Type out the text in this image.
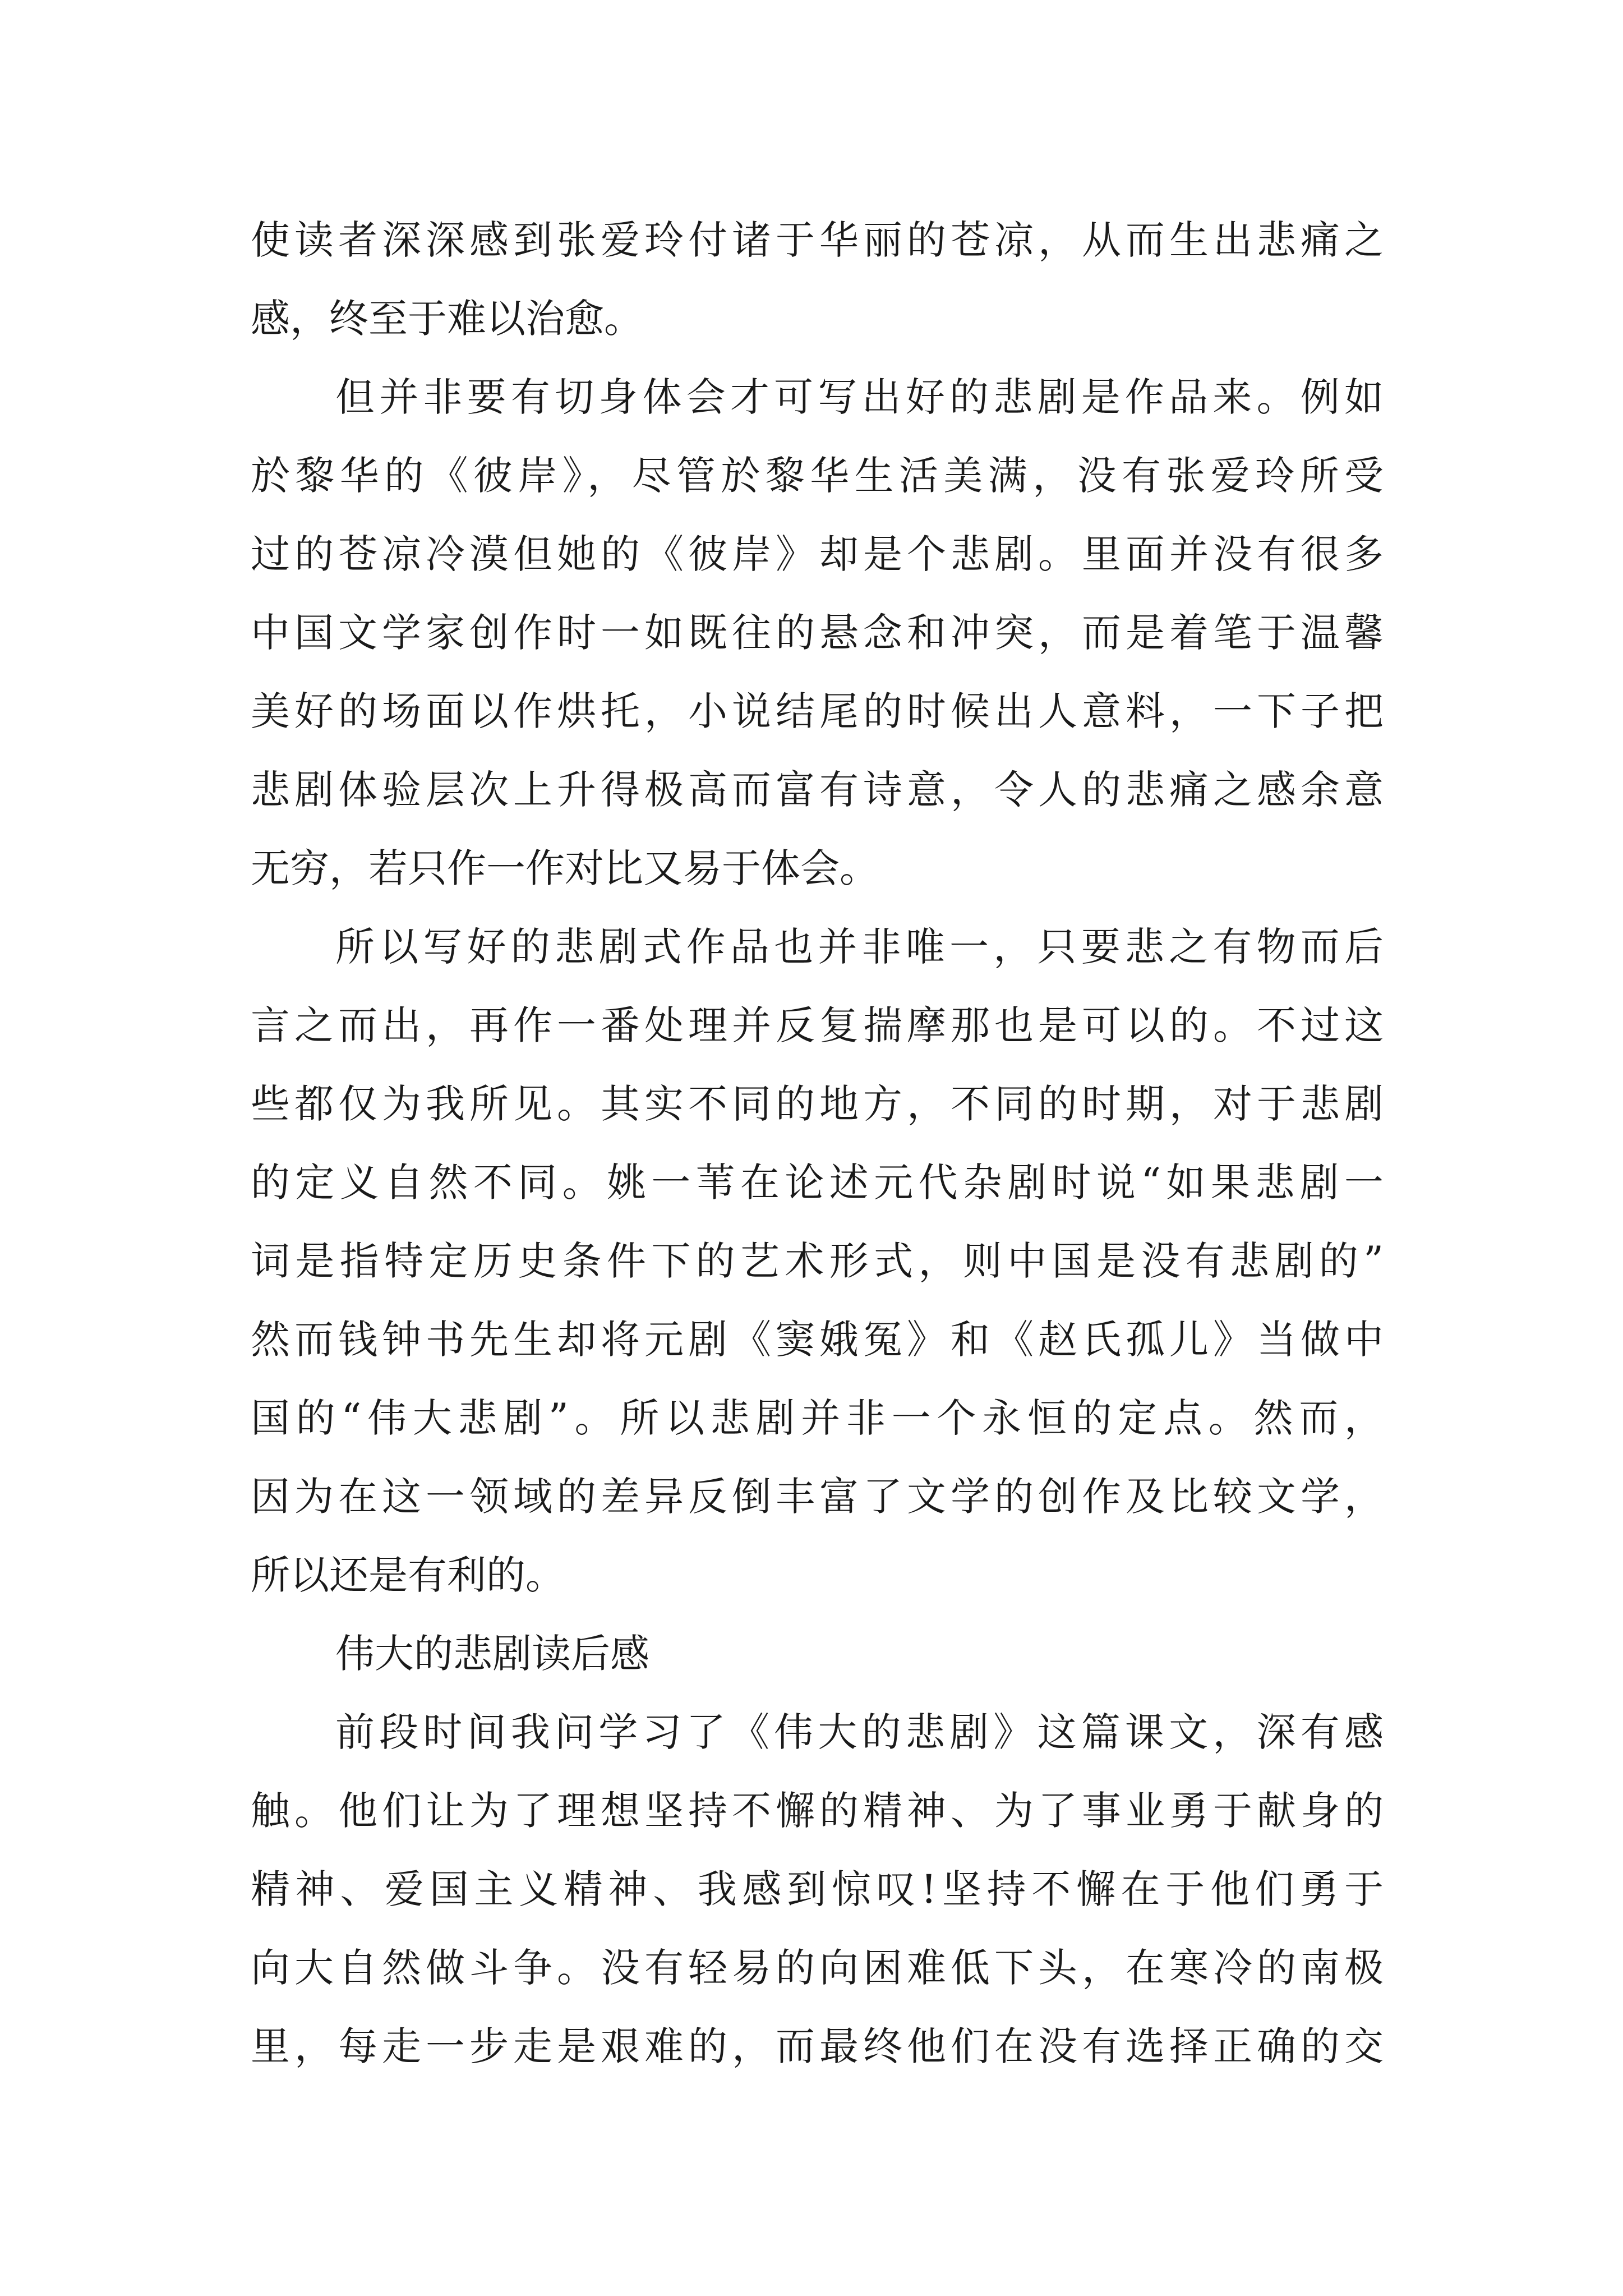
使读者深深感到张爱玲付诸于华丽的苍凉，从而生出悲痛之
感，终至于难以治愈。
但并非要有切身体会才可写出好的悲剧是作品来。例如
於黎华的《彼岸》，尽管於黎华生活美满，没有张爱玲所受
过的苍凉冷漠但她的《彼岸》却是个悲剧。里面并没有很多
中国文学家创作时一如既往的悬念和冲突，而是着笔于温馨
美好的场面以作烘托，小说结尾的时候出人意料，一下子把
悲剧体验层次上升得极高而富有诗意，令人的悲痛之感余意
无穷，若只作一作对比又易于体会。
所以写好的悲剧式作品也并非唯一，只要悲之有物而后
言之而出，再作一番处理并反复揣摩那也是可以的。不过这
些都仅为我所见。其实不同的地方，不同的时期，对于悲剧
的定义自然不同。姚一苇在论述元代杂剧时说“如果悲剧一
词是指特定历史条件下的艺术形式，则中国是没有悲剧的”
然而钱钟书先生却将元剧《窦娥冤》和《赵氏孤儿》当做中
国的“伟大悲剧”。所以悲剧并非一个永恒的定点。然而，
因为在这一领域的差异反倒丰富了文学的创作及比较文学，
所以还是有利的。
伟大的悲剧读后感
前段时间我问学习了《伟大的悲剧》这篇课文，深有感
触。他们让为了理想坚持不懈的精神、为了事业勇于献身的
精神、爱国主义精神、我感到惊叹!坚持不懈在于他们勇于
向大自然做斗争。没有轻易的向困难低下头，在寒冷的南极
里，每走一步走是艰难的，而最终他们在没有选择正确的交
